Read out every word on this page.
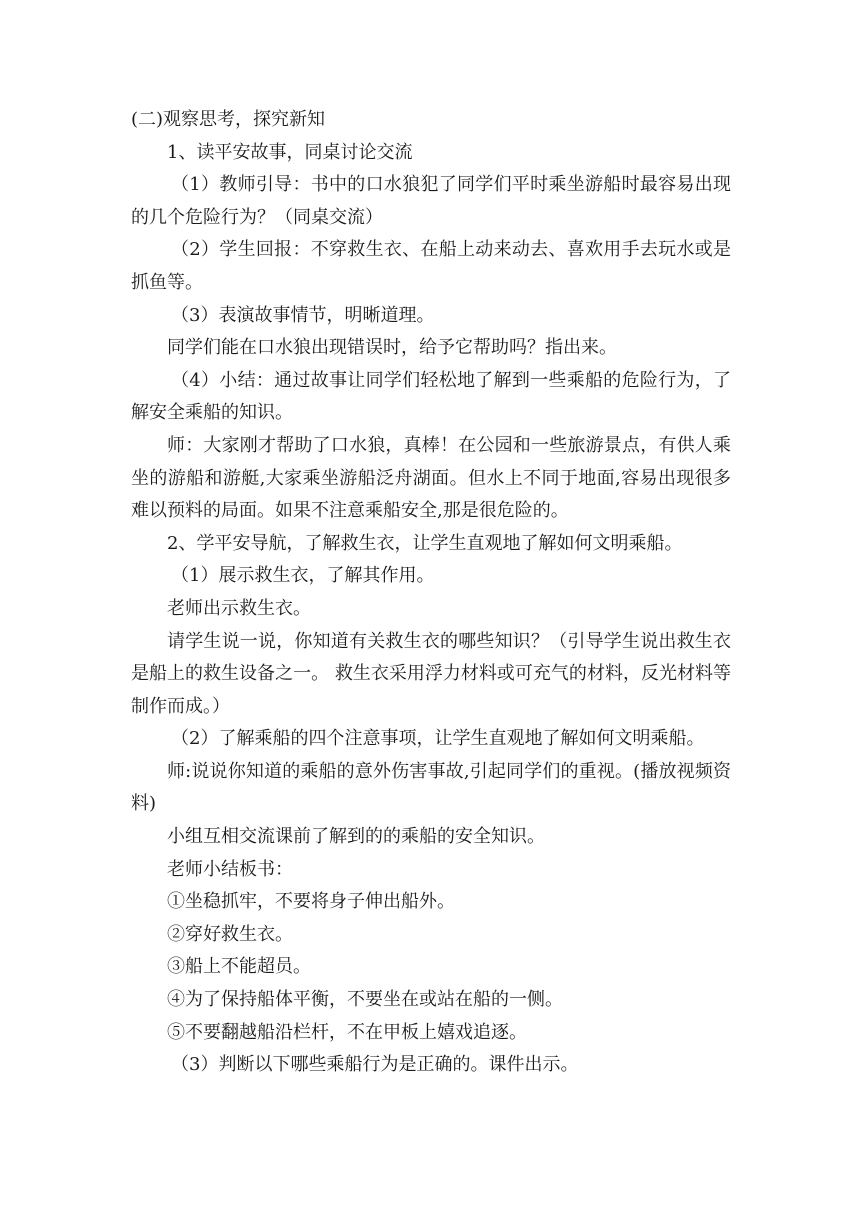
(二)观察思考，探究新知

1、读平安故事，同桌讨论交流

（1）教师引导：书中的口水狼犯了同学们平时乘坐游船时最容易出现的几个危险行为？（同桌交流）

（2）学生回报：不穿救生衣、在船上动来动去、喜欢用手去玩水或是抓鱼等。

（3）表演故事情节，明晰道理。

同学们能在口水狼出现错误时，给予它帮助吗？指出来。

（4）小结：通过故事让同学们轻松地了解到一些乘船的危险行为，了解安全乘船的知识。

师：大家刚才帮助了口水狼，真棒！在公园和一些旅游景点，有供人乘坐的游船和游艇,大家乘坐游船泛舟湖面。但水上不同于地面,容易出现很多难以预料的局面。如果不注意乘船安全,那是很危险的。

2、学平安导航，了解救生衣，让学生直观地了解如何文明乘船。

（1）展示救生衣，了解其作用。

老师出示救生衣。

请学生说一说，你知道有关救生衣的哪些知识？（引导学生说出救生衣是船上的救生设备之一。 救生衣采用浮力材料或可充气的材料，反光材料等制作而成。）

（2）了解乘船的四个注意事项，让学生直观地了解如何文明乘船。

师:说说你知道的乘船的意外伤害事故,引起同学们的重视。(播放视频资料)

小组互相交流课前了解到的的乘船的安全知识。

老师小结板书：

①坐稳抓牢，不要将身子伸出船外。

②穿好救生衣。

③船上不能超员。

④为了保持船体平衡，不要坐在或站在船的一侧。

⑤不要翻越船沿栏杆，不在甲板上嬉戏追逐。

（3）判断以下哪些乘船行为是正确的。课件出示。
